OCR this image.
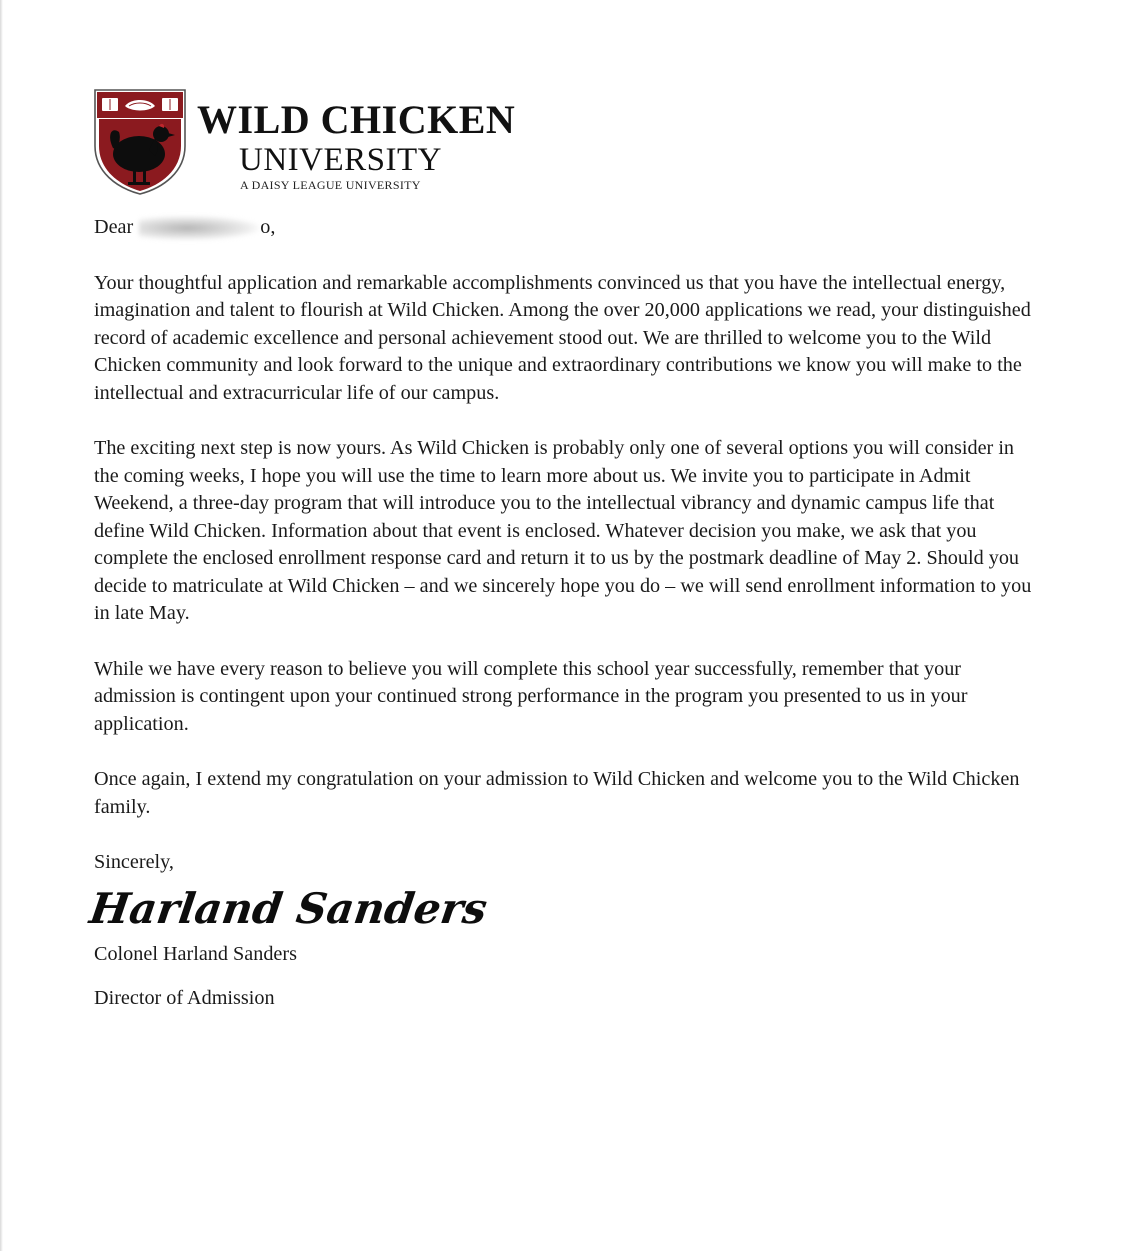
WILD CHICKEN
UNIVERSITY
A DAISY LEAGUE UNIVERSITY

Dear	o,

Your thoughtful application and remarkable accomplishments convinced us that you have the intellectual energy, imagination and talent to flourish at Wild Chicken. Among the over 20,000 applications we read, your distinguished record of academic excellence and personal achievement stood out. We are thrilled to welcome you to the Wild Chicken community and look forward to the unique and extraordinary contributions we know you will make to the intellectual and extracurricular life of our campus.

The exciting next step is now yours. As Wild Chicken is probably only one of several options you will consider in the coming weeks, I hope you will use the time to learn more about us. We invite you to participate in Admit Weekend, a three-day program that will introduce you to the intellectual vibrancy and dynamic campus life that define Wild Chicken. Information about that event is enclosed. Whatever decision you make, we ask that you complete the enclosed enrollment response card and return it to us by the postmark deadline of May 2. Should you decide to matriculate at Wild Chicken – and we sincerely hope you do – we will send enrollment information to you in late May.

While we have every reason to believe you will complete this school year successfully, remember that your admission is contingent upon your continued strong performance in the program you presented to us in your application.

Once again, I extend my congratulation on your admission to Wild Chicken and welcome you to the Wild Chicken family.

Sincerely,

Harland Sanders

Colonel Harland Sanders

Director of Admission
